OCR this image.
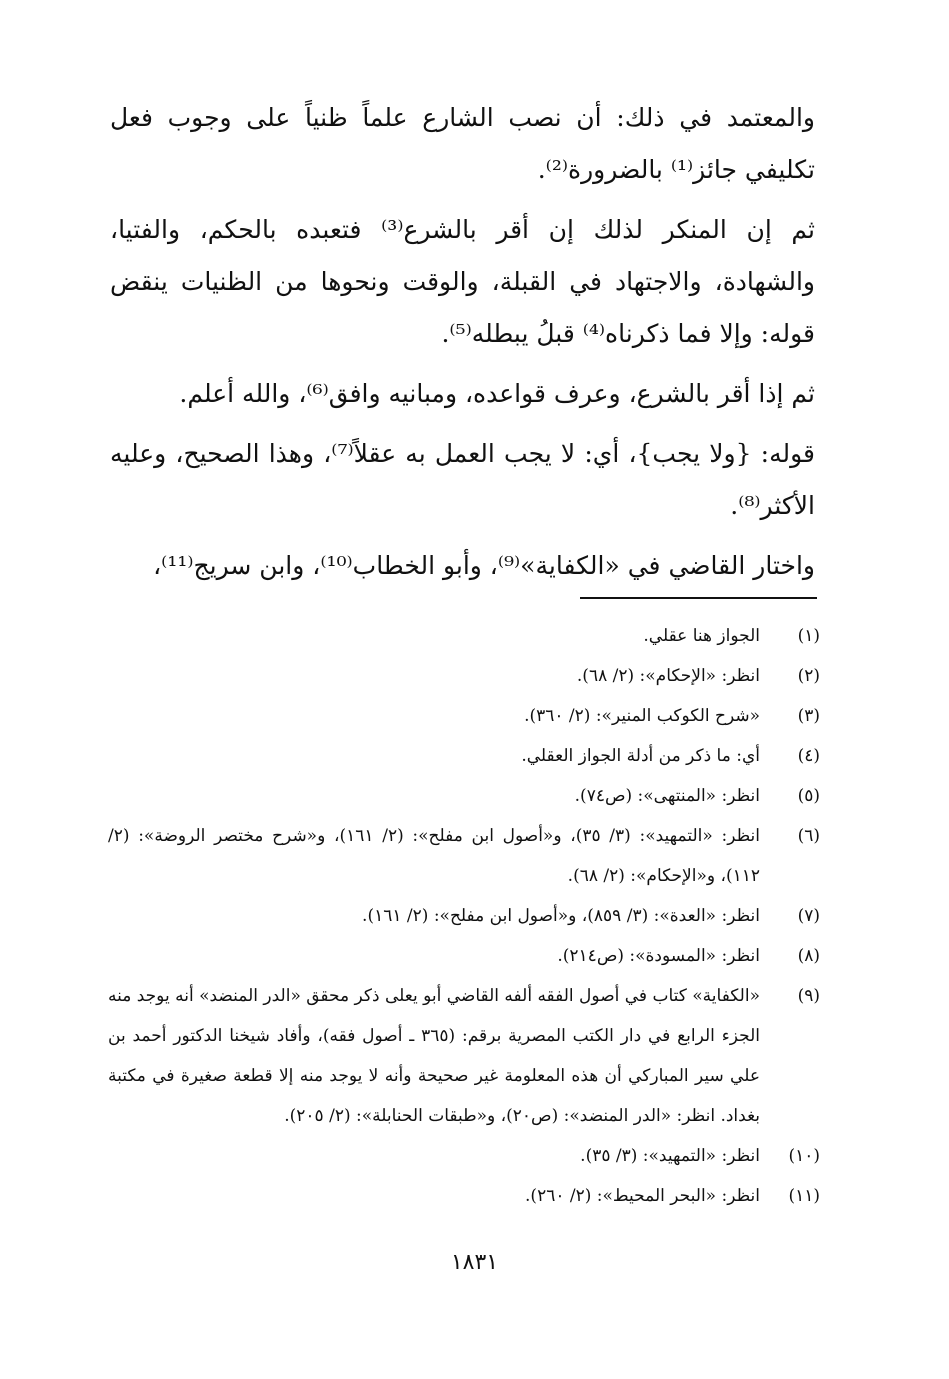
والمعتمد في ذلك: أن نصب الشارع علماً ظنياً على وجوب فعل تكليفي جائز⁽¹⁾ بالضرورة⁽²⁾.

ثم إن المنكر لذلك إن أقر بالشرع⁽³⁾ فتعبده بالحكم، والفتيا، والشهادة، والاجتهاد في القبلة، والوقت ونحوها من الظنيات ينقض قوله: وإلا فما ذكرناه⁽⁴⁾ قبلُ يبطله⁽⁵⁾.

ثم إذا أقر بالشرع، وعرف قواعده، ومبانيه وافق⁽⁶⁾، والله أعلم.

قوله: {ولا يجب}، أي: لا يجب العمل به عقلاً⁽⁷⁾، وهذا الصحيح، وعليه الأكثر⁽⁸⁾.

واختار القاضي في «الكفاية»⁽⁹⁾، وأبو الخطاب⁽¹⁰⁾، وابن سريج⁽¹¹⁾،

(١)
الجواز هنا عقلي.
(٢)
انظر: «الإحكام»: (٢/ ٦٨).
(٣)
«شرح الكوكب المنير»: (٢/ ٣٦٠).
(٤)
أي: ما ذكر من أدلة الجواز العقلي.
(٥)
انظر: «المنتهى»: (ص٧٤).
(٦)
انظر: «التمهيد»: (٣/ ٣٥)، و«أصول ابن مفلح»: (٢/ ١٦١)، و«شرح مختصر الروضة»: (٢/ ١١٢)، و«الإحكام»: (٢/ ٦٨).
(٧)
انظر: «العدة»: (٣/ ٨٥٩)، و«أصول ابن مفلح»: (٢/ ١٦١).
(٨)
انظر: «المسودة»: (ص٢١٤).
(٩)
«الكفاية» كتاب في أصول الفقه ألفه القاضي أبو يعلى ذكر محقق «الدر المنضد» أنه يوجد منه الجزء الرابع في دار الكتب المصرية برقم: (٣٦٥ ـ أصول فقه)، وأفاد شيخنا الدكتور أحمد بن علي سير المباركي أن هذه المعلومة غير صحيحة وأنه لا يوجد منه إلا قطعة صغيرة في مكتبة بغداد. انظر: «الدر المنضد»: (ص٢٠)، و«طبقات الحنابلة»: (٢/ ٢٠٥).
(١٠)
انظر: «التمهيد»: (٣/ ٣٥).
(١١)
انظر: «البحر المحيط»: (٢/ ٢٦٠).
١٨٣١
